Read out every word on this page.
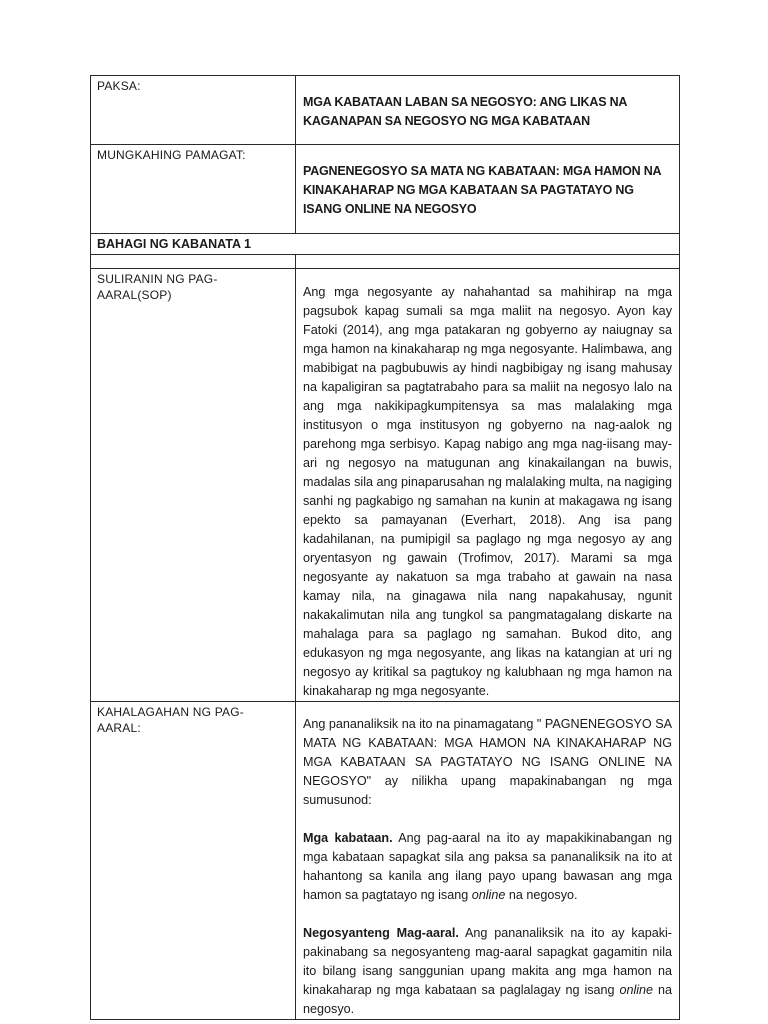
PAKSA:	MGA KABATAAN LABAN SA NEGOSYO: ANG LIKAS NA KAGANAPAN SA NEGOSYO NG MGA KABATAAN

MUNGKAHING PAMAGAT:	PAGNENEGOSYO SA MATA NG KABATAAN: MGA HAMON NA KINAKAHARAP NG MGA KABATAAN SA PAGTATAYO NG ISANG ONLINE NA NEGOSYO

BAHAGI NG KABANATA 1	

SULIRANIN NG PAG-AARAL(SOP)	Ang mga negosyante ay nahahantad sa mahihirap na mga pagsubok kapag sumali sa mga maliit na negosyo. Ayon kay Fatoki (2014), ang mga patakaran ng gobyerno ay naiugnay sa mga hamon na kinakaharap ng mga negosyante. Halimbawa, ang mabibigat na pagbubuwis ay hindi nagbibigay ng isang mahusay na kapaligiran sa pagtatrabaho para sa maliit na negosyo lalo na ang mga nakikipagkumpitensya sa mas malalaking mga institusyon o mga institusyon ng gobyerno na nag-aalok ng parehong mga serbisyo. Kapag nabigo ang mga nag-iisang may-ari ng negosyo na matugunan ang kinakailangan na buwis, madalas sila ang pinaparusahan ng malalaking multa, na nagiging sanhi ng pagkabigo ng samahan na kunin at makagawa ng isang epekto sa pamayanan (Everhart, 2018). Ang isa pang kadahilanan, na pumipigil sa paglago ng mga negosyo ay ang oryentasyon ng gawain (Trofimov, 2017). Marami sa mga negosyante ay nakatuon sa mga trabaho at gawain na nasa kamay nila, na ginagawa nila nang napakahusay, ngunit nakakalimutan nila ang tungkol sa pangmatagalang diskarte na mahalaga para sa paglago ng samahan. Bukod dito, ang edukasyon ng mga negosyante, ang likas na katangian at uri ng negosyo ay kritikal sa pagtukoy ng kalubhaan ng mga hamon na kinakaharap ng mga negosyante.

KAHALAGAHAN NG PAG-AARAL:	Ang pananaliksik na ito na pinamagatang " PAGNENEGOSYO SA MATA NG KABATAAN: MGA HAMON NA KINAKAHARAP NG MGA KABATAAN SA PAGTATAYO NG ISANG ONLINE NA NEGOSYO" ay nilikha upang mapakinabangan ng mga sumusunod:

Mga kabataan. Ang pag-aaral na ito ay mapakikinabangan ng mga kabataan sapagkat sila ang paksa sa pananaliksik na ito at hahantong sa kanila ang ilang payo upang bawasan ang mga hamon sa pagtatayo ng isang online na negosyo.

Negosyanteng Mag-aaral. Ang pananaliksik na ito ay kapaki-pakinabang sa negosyanteng mag-aaral sapagkat gagamitin nila ito bilang isang sanggunian upang makita ang mga hamon na kinakaharap ng mga kabataan sa paglalagay ng isang online na negosyo.
